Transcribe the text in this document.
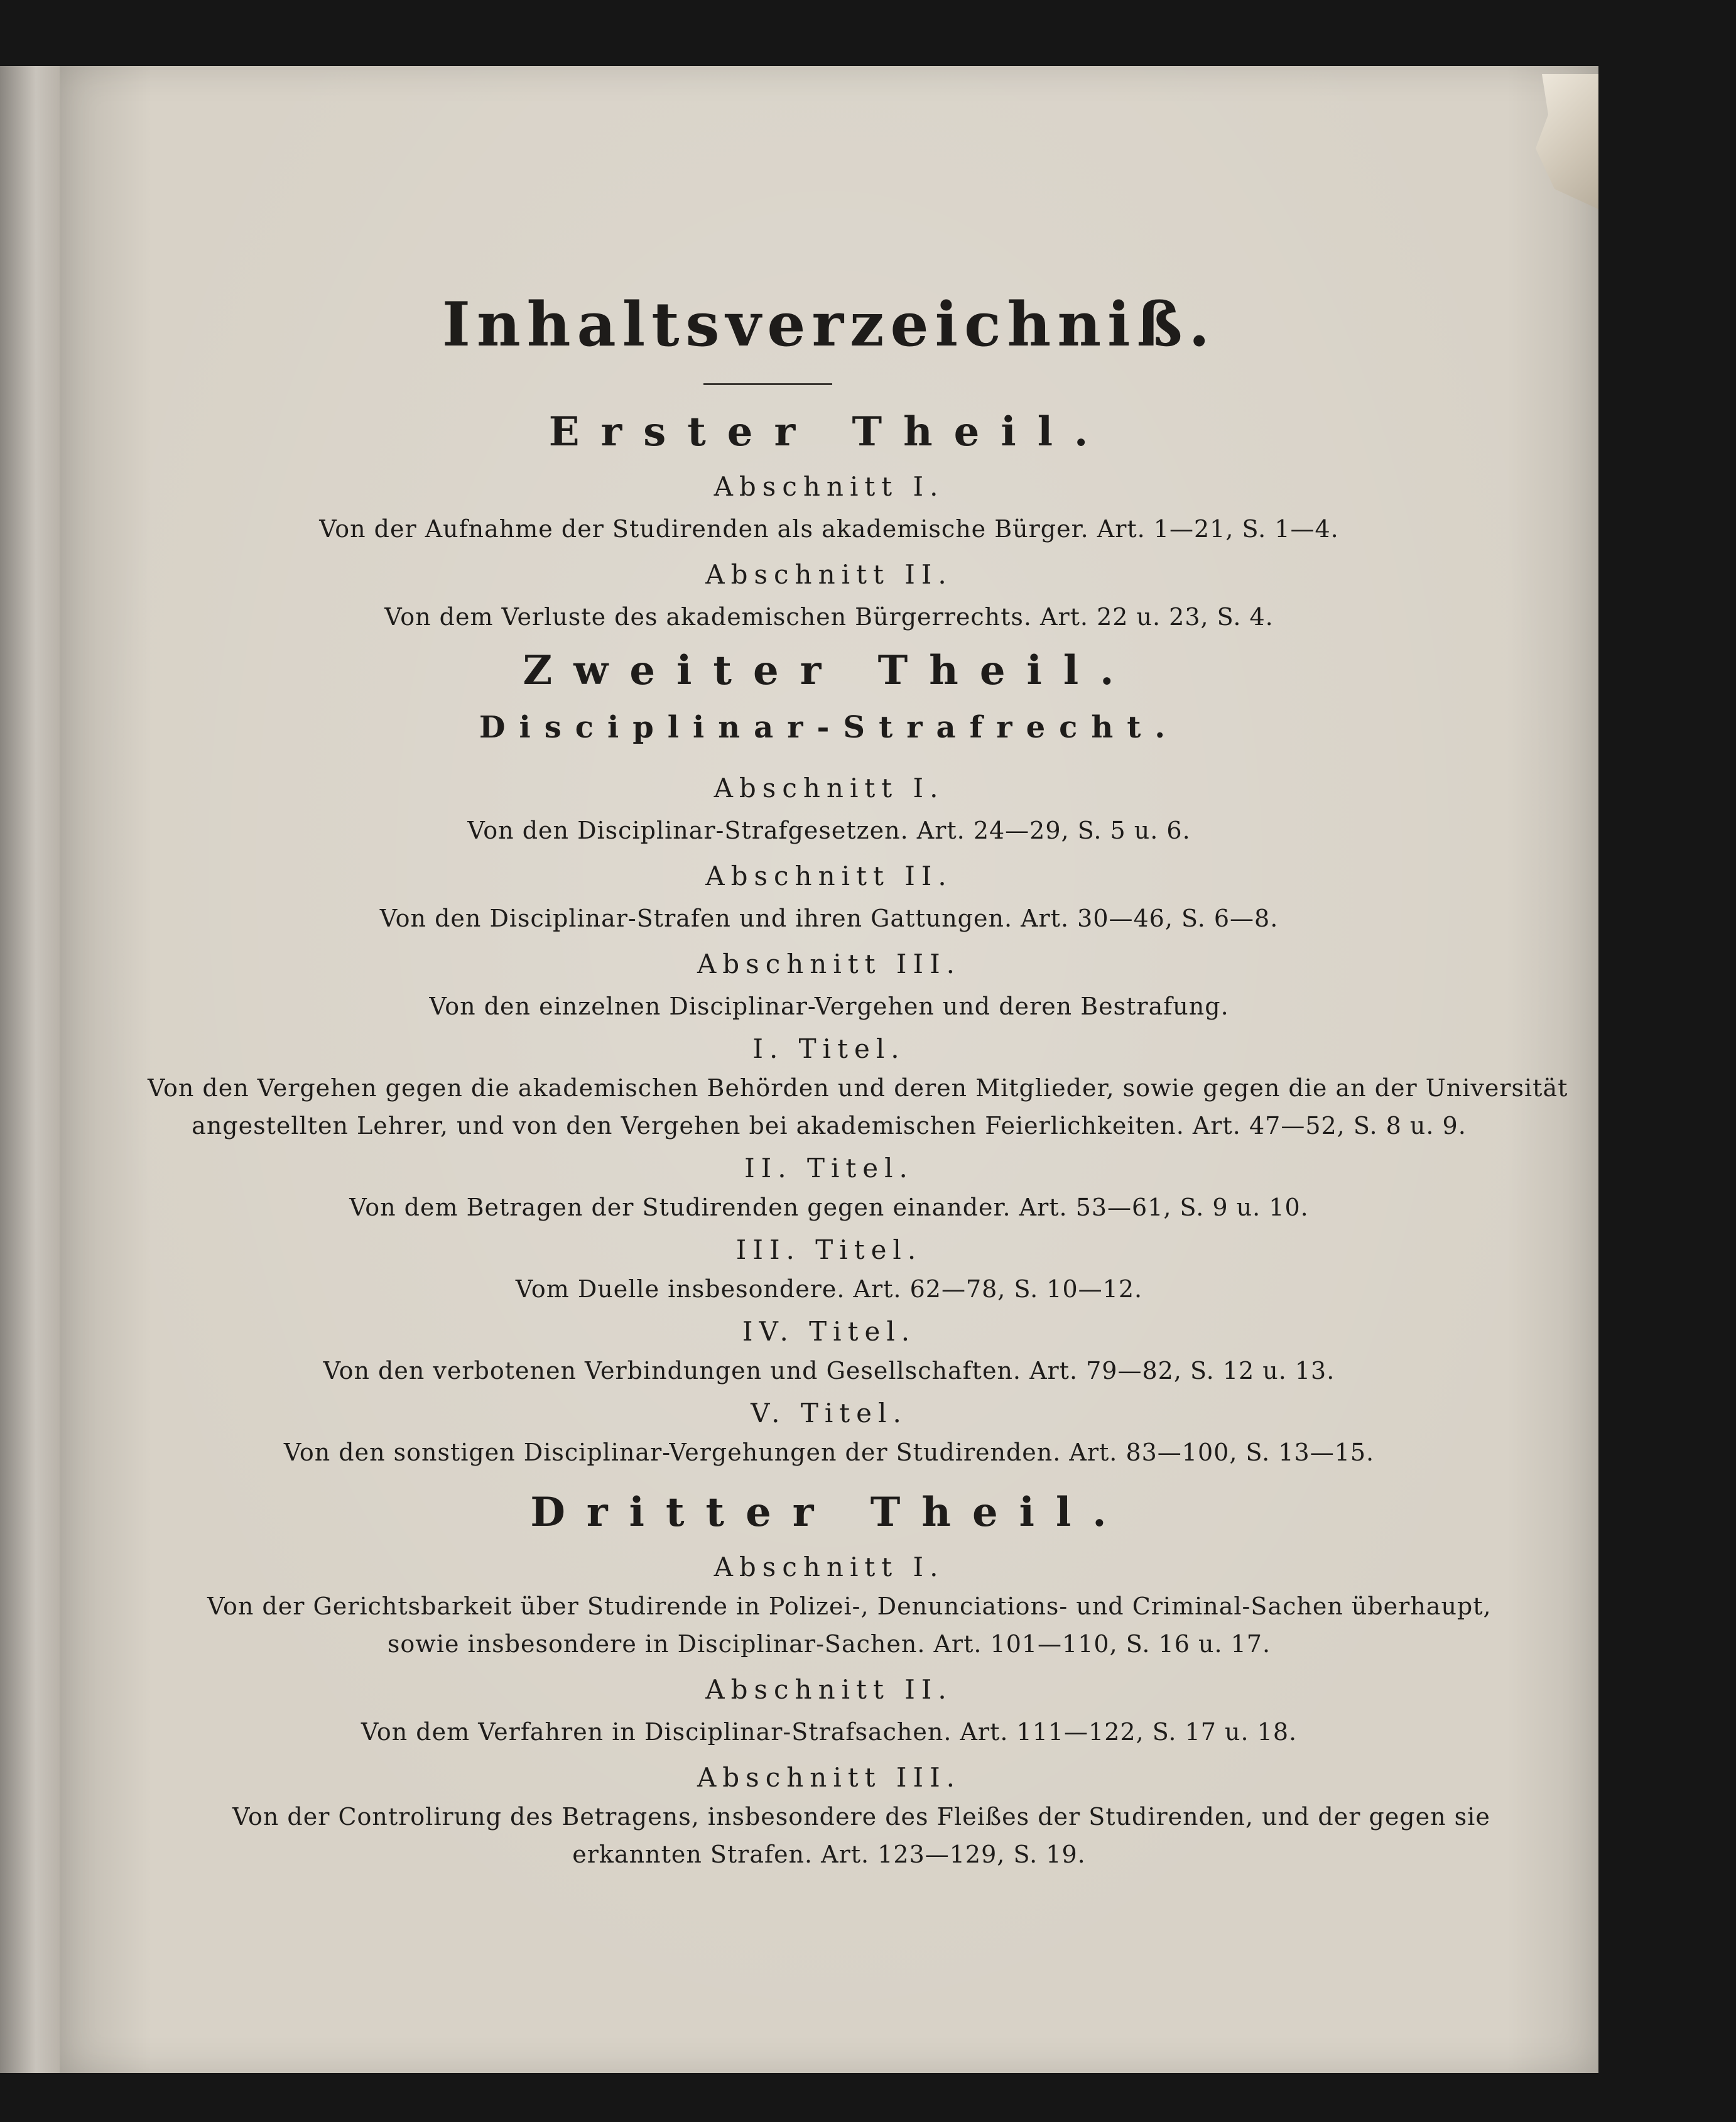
Inhaltsverzeichniß.
Erster Theil.
Abschnitt I.
Von der Aufnahme der Studirenden als akademische Bürger. Art. 1—21, S. 1—4.
Abschnitt II.
Von dem Verluste des akademischen Bürgerrechts. Art. 22 u. 23, S. 4.
Zweiter Theil.
Disciplinar-Strafrecht.
Abschnitt I.
Von den Disciplinar-Strafgesetzen. Art. 24—29, S. 5 u. 6.
Abschnitt II.
Von den Disciplinar-Strafen und ihren Gattungen. Art. 30—46, S. 6—8.
Abschnitt III.
Von den einzelnen Disciplinar-Vergehen und deren Bestrafung.
I. Titel.
Von den Vergehen gegen die akademischen Behörden und deren Mitglieder, sowie gegen die an der Universität
angestellten Lehrer, und von den Vergehen bei akademischen Feierlichkeiten. Art. 47—52, S. 8 u. 9.
II. Titel.
Von dem Betragen der Studirenden gegen einander. Art. 53—61, S. 9 u. 10.
III. Titel.
Vom Duelle insbesondere. Art. 62—78, S. 10—12.
IV. Titel.
Von den verbotenen Verbindungen und Gesellschaften. Art. 79—82, S. 12 u. 13.
V. Titel.
Von den sonstigen Disciplinar-Vergehungen der Studirenden. Art. 83—100, S. 13—15.
Dritter Theil.
Abschnitt I.
Von der Gerichtsbarkeit über Studirende in Polizei-, Denunciations- und Criminal-Sachen überhaupt,
sowie insbesondere in Disciplinar-Sachen. Art. 101—110, S. 16 u. 17.
Abschnitt II.
Von dem Verfahren in Disciplinar-Strafsachen. Art. 111—122, S. 17 u. 18.
Abschnitt III.
Von der Controlirung des Betragens, insbesondere des Fleißes der Studirenden, und der gegen sie
erkannten Strafen. Art. 123—129, S. 19.
